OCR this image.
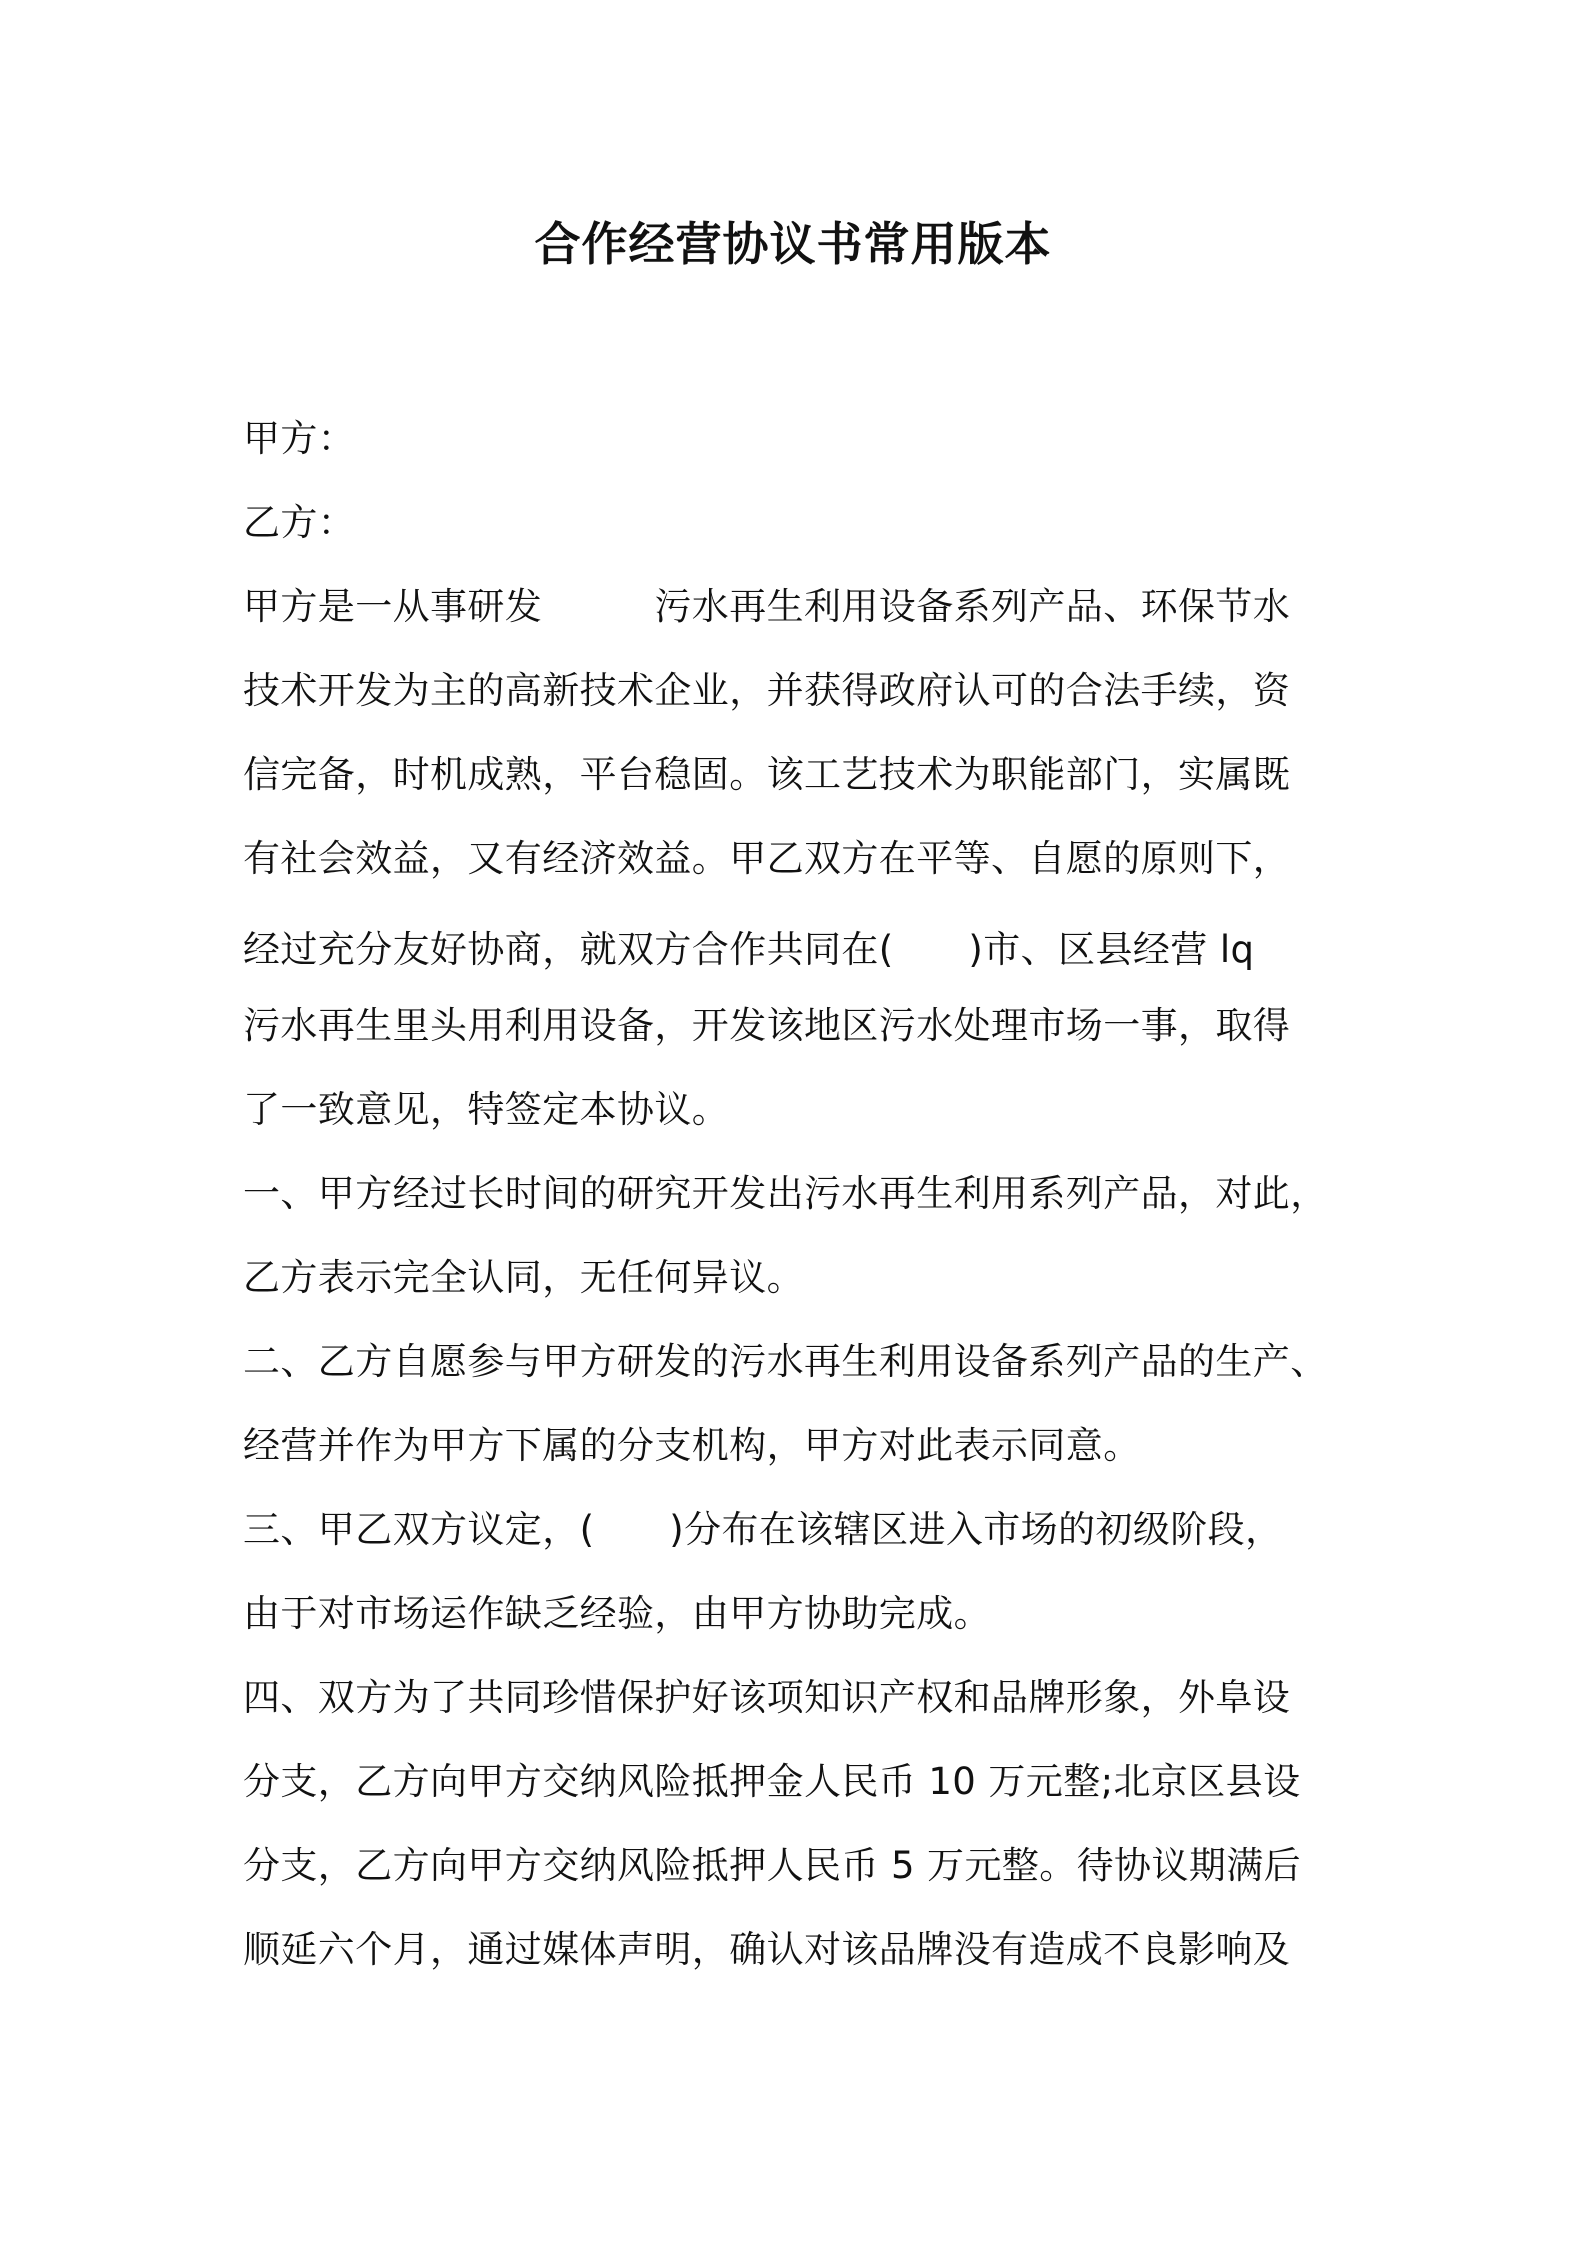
合作经营协议书常用版本
甲方：
乙方：
甲方是一从事研发　　　污水再生利用设备系列产品、环保节水
技术开发为主的高新技术企业，并获得政府认可的合法手续，资
信完备，时机成熟，平台稳固。该工艺技术为职能部门，实属既
有社会效益，又有经济效益。甲乙双方在平等、自愿的原则下，
经过充分友好协商，就双方合作共同在(　　)市、区县经营 lq
污水再生里头用利用设备，开发该地区污水处理市场一事，取得
了一致意见，特签定本协议。
一、甲方经过长时间的研究开发出污水再生利用系列产品，对此，
乙方表示完全认同，无任何异议。
二、乙方自愿参与甲方研发的污水再生利用设备系列产品的生产、
经营并作为甲方下属的分支机构，甲方对此表示同意。
三、甲乙双方议定，(　　)分布在该辖区进入市场的初级阶段，
由于对市场运作缺乏经验，由甲方协助完成。
四、双方为了共同珍惜保护好该项知识产权和品牌形象，外阜设
分支，乙方向甲方交纳风险抵押金人民币 10 万元整;北京区县设
分支，乙方向甲方交纳风险抵押人民币 5 万元整。待协议期满后
顺延六个月，通过媒体声明，确认对该品牌没有造成不良影响及
